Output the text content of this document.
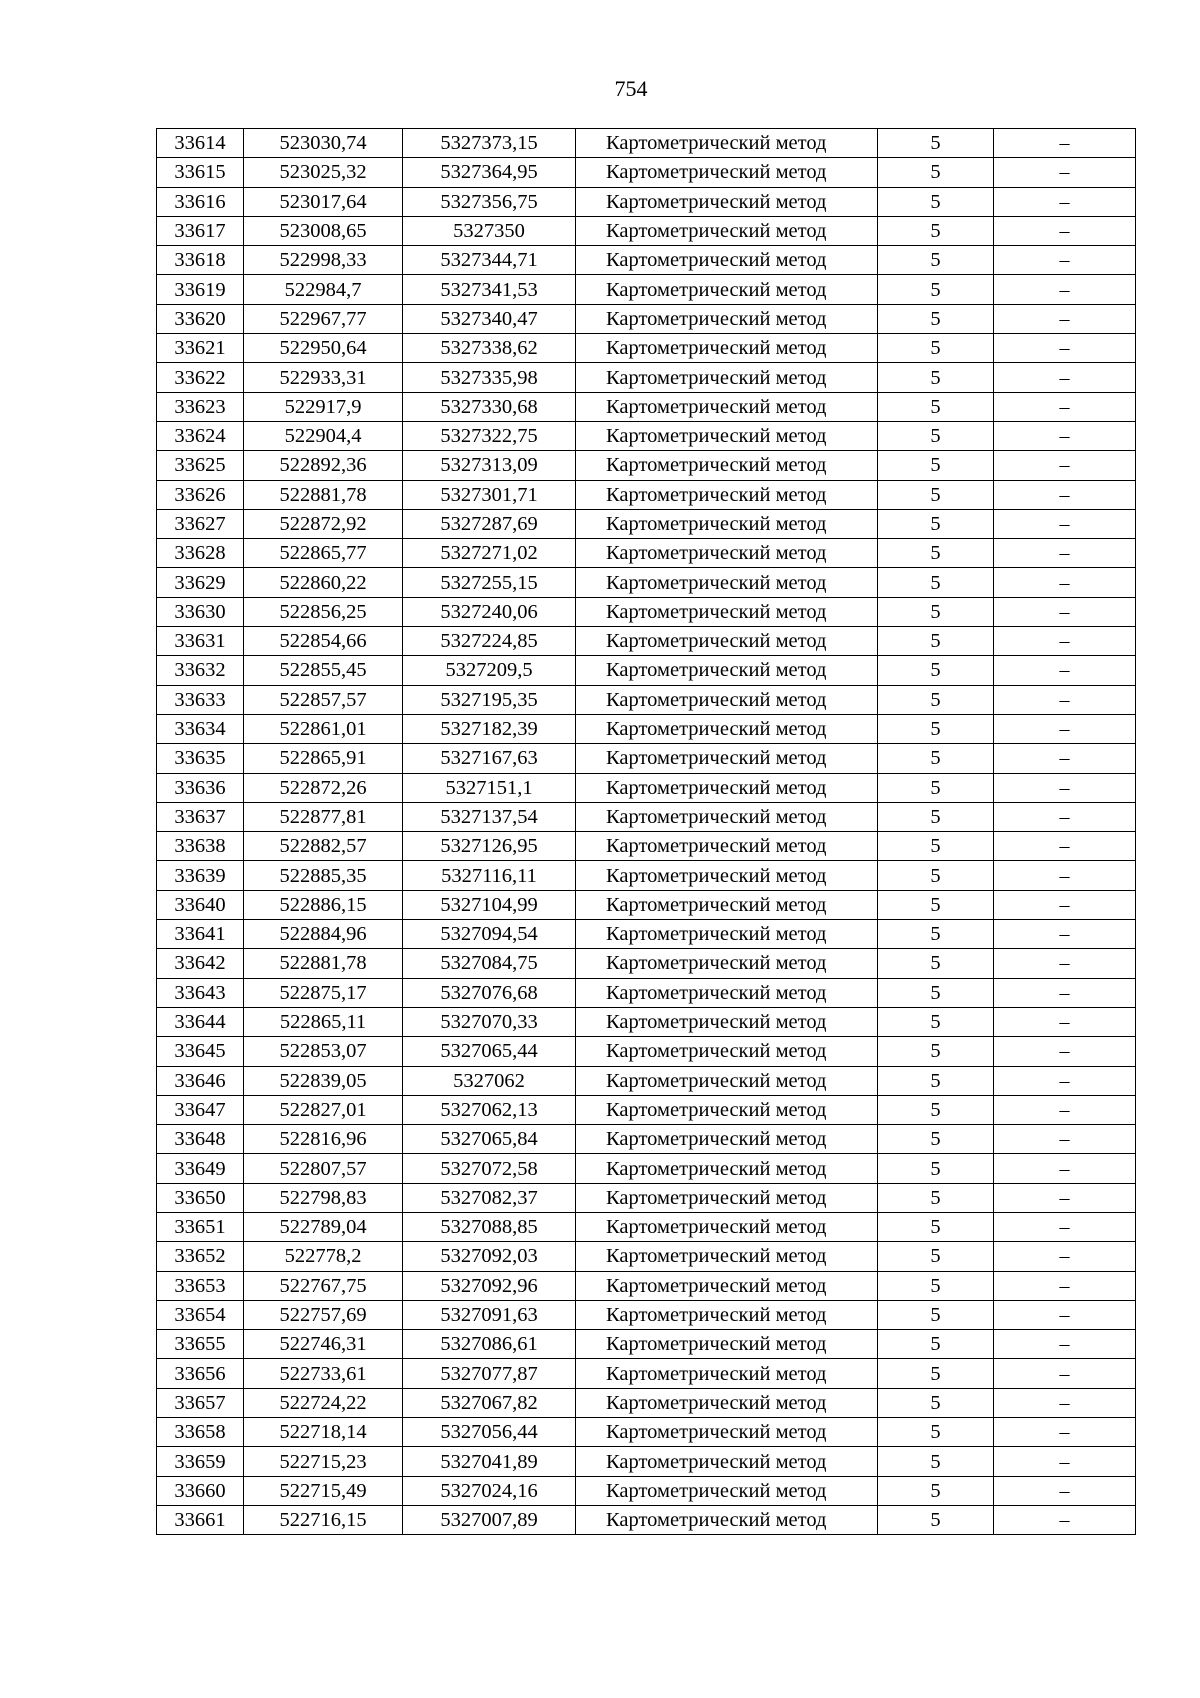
754
33614	523030,74	5327373,15	Картометрический метод	5	–
33615	523025,32	5327364,95	Картометрический метод	5	–
33616	523017,64	5327356,75	Картометрический метод	5	–
33617	523008,65	5327350	Картометрический метод	5	–
33618	522998,33	5327344,71	Картометрический метод	5	–
33619	522984,7	5327341,53	Картометрический метод	5	–
33620	522967,77	5327340,47	Картометрический метод	5	–
33621	522950,64	5327338,62	Картометрический метод	5	–
33622	522933,31	5327335,98	Картометрический метод	5	–
33623	522917,9	5327330,68	Картометрический метод	5	–
33624	522904,4	5327322,75	Картометрический метод	5	–
33625	522892,36	5327313,09	Картометрический метод	5	–
33626	522881,78	5327301,71	Картометрический метод	5	–
33627	522872,92	5327287,69	Картометрический метод	5	–
33628	522865,77	5327271,02	Картометрический метод	5	–
33629	522860,22	5327255,15	Картометрический метод	5	–
33630	522856,25	5327240,06	Картометрический метод	5	–
33631	522854,66	5327224,85	Картометрический метод	5	–
33632	522855,45	5327209,5	Картометрический метод	5	–
33633	522857,57	5327195,35	Картометрический метод	5	–
33634	522861,01	5327182,39	Картометрический метод	5	–
33635	522865,91	5327167,63	Картометрический метод	5	–
33636	522872,26	5327151,1	Картометрический метод	5	–
33637	522877,81	5327137,54	Картометрический метод	5	–
33638	522882,57	5327126,95	Картометрический метод	5	–
33639	522885,35	5327116,11	Картометрический метод	5	–
33640	522886,15	5327104,99	Картометрический метод	5	–
33641	522884,96	5327094,54	Картометрический метод	5	–
33642	522881,78	5327084,75	Картометрический метод	5	–
33643	522875,17	5327076,68	Картометрический метод	5	–
33644	522865,11	5327070,33	Картометрический метод	5	–
33645	522853,07	5327065,44	Картометрический метод	5	–
33646	522839,05	5327062	Картометрический метод	5	–
33647	522827,01	5327062,13	Картометрический метод	5	–
33648	522816,96	5327065,84	Картометрический метод	5	–
33649	522807,57	5327072,58	Картометрический метод	5	–
33650	522798,83	5327082,37	Картометрический метод	5	–
33651	522789,04	5327088,85	Картометрический метод	5	–
33652	522778,2	5327092,03	Картометрический метод	5	–
33653	522767,75	5327092,96	Картометрический метод	5	–
33654	522757,69	5327091,63	Картометрический метод	5	–
33655	522746,31	5327086,61	Картометрический метод	5	–
33656	522733,61	5327077,87	Картометрический метод	5	–
33657	522724,22	5327067,82	Картометрический метод	5	–
33658	522718,14	5327056,44	Картометрический метод	5	–
33659	522715,23	5327041,89	Картометрический метод	5	–
33660	522715,49	5327024,16	Картометрический метод	5	–
33661	522716,15	5327007,89	Картометрический метод	5	–
